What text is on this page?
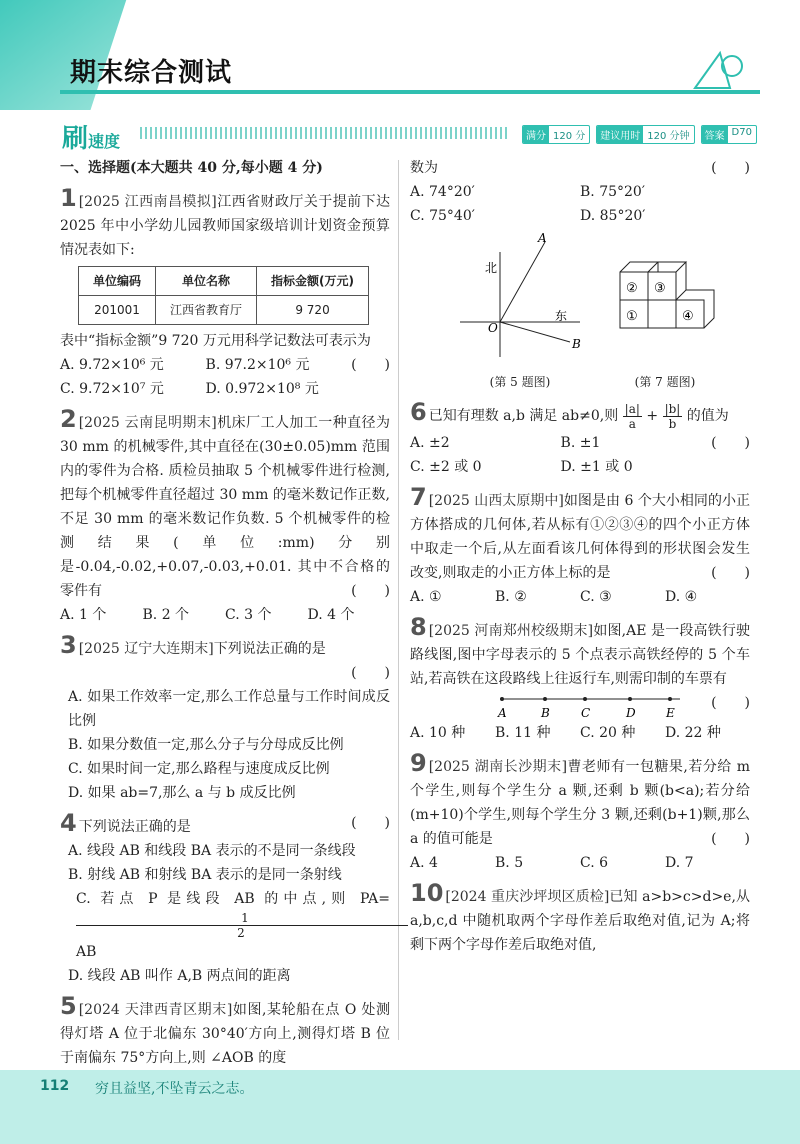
期末综合测试
刷速度	满分 120 分	建议用时 120 分钟	答案 D70
一、选择题(本大题共 40 分,每小题 4 分)
1 [2025 江西南昌模拟]江西省财政厅关于提前下达 2025 年中小学幼儿园教师国家级培训计划资金预算情况表如下:
单位编码	单位名称	指标金额(万元)
201001	江西省教育厅	9 720
表中“指标金额”9 720 万元用科学记数法可表示为
(　　)
A. 9.72×10⁶ 元	B. 97.2×10⁶ 元
C. 9.72×10⁷ 元	D. 0.972×10⁸ 元
2 [2025 云南昆明期末]机床厂工人加工一种直径为 30 mm 的机械零件,其中直径在(30±0.05)mm 范围内的零件为合格. 质检员抽取 5 个机械零件进行检测,把每个机械零件直径超过 30 mm 的毫米数记作正数,不足 30 mm 的毫米数记作负数. 5 个机械零件的检测结果(单位:mm)分别是-0.04,-0.02,+0.07,-0.03,+0.01. 其中不合格的零件有	(　　)
A. 1 个	B. 2 个	C. 3 个	D. 4 个
3 [2025 辽宁大连期末]下列说法正确的是
(　　)
A. 如果工作效率一定,那么工作总量与工作时间成反比例
B. 如果分数值一定,那么分子与分母成反比例
C. 如果时间一定,那么路程与速度成反比例
D. 如果 ab=7,那么 a 与 b 成反比例
4 下列说法正确的是	(　　)
A. 线段 AB 和线段 BA 表示的不是同一条线段
B. 射线 AB 和射线 BA 表示的是同一条射线
C. 若点 P 是线段 AB 的中点,则 PA=
$\frac{1}{2}AB$
D. 线段 AB 叫作 A,B 两点间的距离
5 [2024 天津西青区期末]如图,某轮船在点 O 处测得灯塔 A 位于北偏东 30°40′方向上,测得灯塔 B 位于南偏东 75°方向上,则 ∠AOB 的度
数为	(　　)
A. 74°20′	B. 75°20′
C. 75°40′	D. 85°20′
北
东
A
B
O
(第 5 题图)
② ③
①	④
(第 7 题图)
6 已知有理数 a,b 满足 ab≠0,则 $\frac{|a|}{a} + \frac{|b|}{b}$ 的值为
(　　)
A. ±2	B. ±1
C. ±2 或 0	D. ±1 或 0
7 [2025 山西太原期中]如图是由 6 个大小相同的小正方体搭成的几何体,若从标有①②③④的四个小正方体中取走一个后,从左面看该几何体得到的形状图会发生改变,则取走的小正方体上标的是	(　　)
A. ①	B. ②	C. ③	D. ④
8 [2025 河南郑州校级期末]如图,AE 是一段高铁行驶路线图,图中字母表示的 5 个点表示高铁经停的 5 个车站,若高铁在这段路线上往返行车,则需印制的车票有
(　　)
A	B	C	D	E
A. 10 种	B. 11 种	C. 20 种	D. 22 种
9 [2025 湖南长沙期末]曹老师有一包糖果,若分给 m 个学生,则每个学生分 a 颗,还剩 b 颗(b<a);若分给(m+10)个学生,则每个学生分 3 颗,还剩(b+1)颗,那么 a 的值可能是	(　　)
A. 4	B. 5	C. 6	D. 7
10 [2024 重庆沙坪坝区质检]已知 a>b>c>d>e,从 a,b,c,d 中随机取两个字母作差后取绝对值,记为 A;将剩下两个字母作差后取绝对值,
112 穷且益坚,不坠青云之志。
